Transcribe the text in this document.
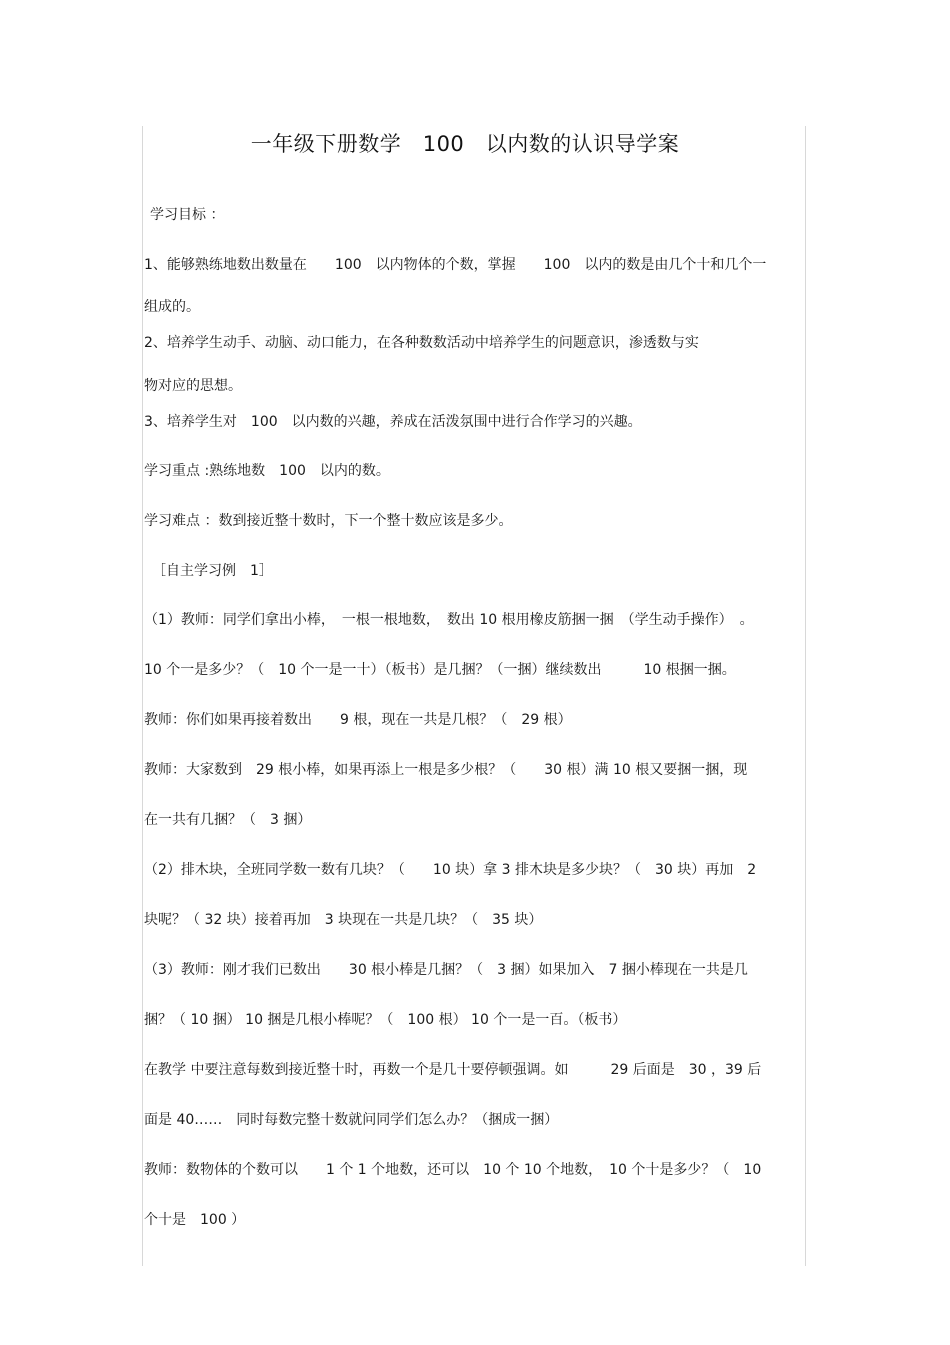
一年级下册数学　100　以内数的认识导学案
学习目标 ：
1、能够熟练地数出数量在　　100　以内物体的个数，掌握　　100　以内的数是由几个十和几个一
组成的。
2、培养学生动手、动脑、动口能力，在各种数数活动中培养学生的问题意识，渗透数与实
物对应的思想。
3、培养学生对　100　以内数的兴趣，养成在活泼氛围中进行合作学习的兴趣。
学习重点 :熟练地数　100　以内的数。
学习难点 ：数到接近整十数时，下一个整十数应该是多少。
［自主学习例　1］
（1）教师：同学们拿出小棒，　一根一根地数，　数出 10 根用橡皮筋捆一捆　（学生动手操作）　。
10 个一是多少？（　10 个一是一十）（板书）是几捆？（一捆）继续数出　　　10 根捆一捆。
教师：你们如果再接着数出　　9 根，现在一共是几根？（　29 根）
教师：大家数到　29 根小棒，如果再添上一根是多少根？（　　30 根）满 10 根又要捆一捆，现
在一共有几捆？（　3 捆）
（2）排木块，全班同学数一数有几块？（　　10 块）拿 3 排木块是多少块？（　30 块）再加　2
块呢？（ 32 块）接着再加　3 块现在一共是几块？（　35 块）
（3）教师：刚才我们已数出　　30 根小棒是几捆？（　3 捆）如果加入　7 捆小棒现在一共是几
捆？（ 10 捆） 10 捆是几根小棒呢？（　100 根） 10 个一是一百。（板书）
在教学 中要注意每数到接近整十时，再数一个是几十要停顿强调。如　　　29 后面是　30 ，39 后
面是 40……　同时每数完整十数就问同学们怎么办？（捆成一捆）
教师：数物体的个数可以　　1 个 1 个地数，还可以　10 个 10 个地数，　10 个十是多少？（　10
个十是　100 ）
